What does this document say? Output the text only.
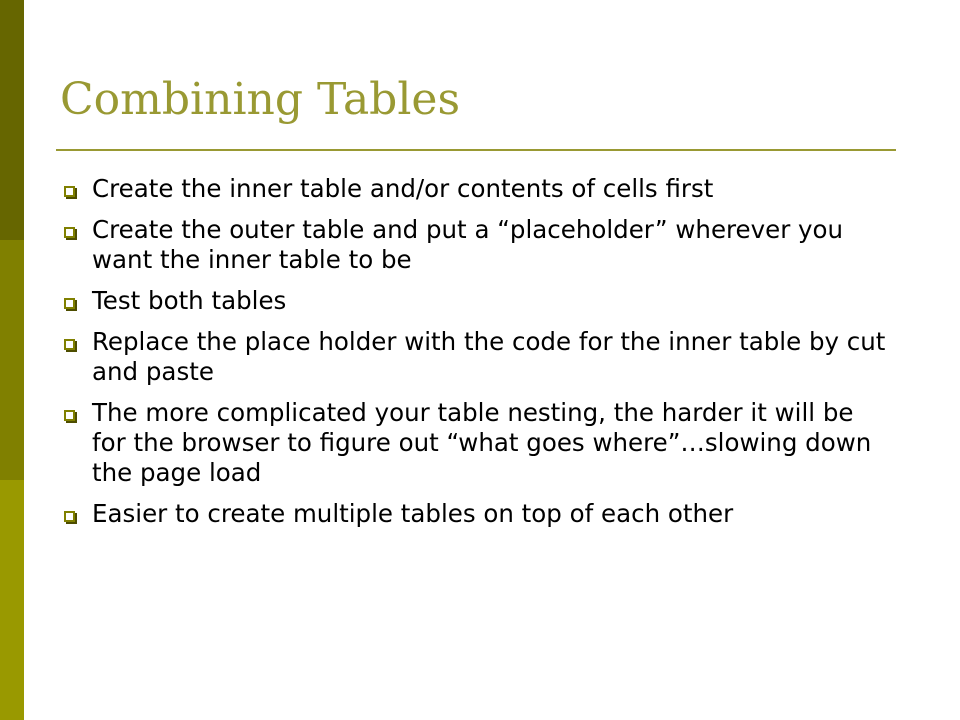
Combining Tables
Create the inner table and/or contents of cells first
Create the outer table and put a “placeholder” wherever you want the inner table to be
Test both tables
Replace the place holder with the code for the inner table by cut and paste
The more complicated your table nesting, the harder it will be for the browser to figure out “what goes where”…slowing down the page load
Easier to create multiple tables on top of each other
